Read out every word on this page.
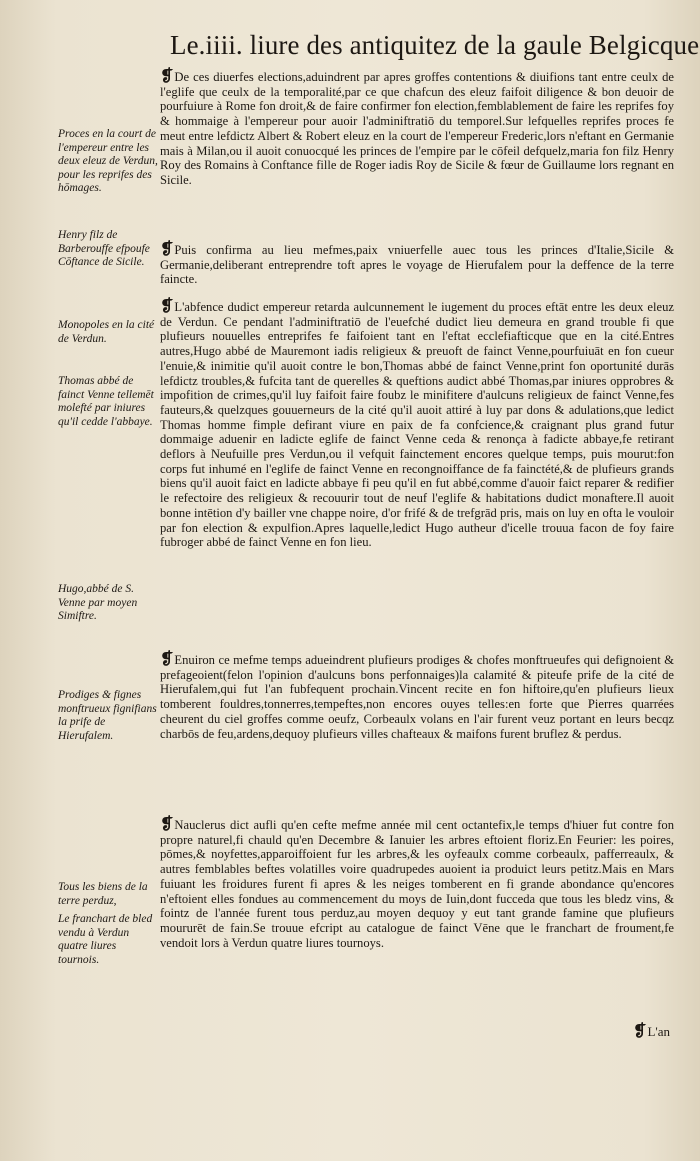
Le.iiii. liure des antiquitez de la gaule Belgicque

❡De ces diuerfes elections,aduindrent par apres groffes contentions & diuifions tant entre ceulx de l'eglife que ceulx de la temporalité,par ce que chafcun des eleuz faifoit diligence & bon deuoir de pourfuiure à Rome fon droit,& de faire confirmer fon election,femblablement de faire les reprifes foy & hommaige à l'empereur pour auoir l'adminiftratiō du temporel.Sur lefquelles reprifes proces fe meut entre lefdictz Albert & Robert eleuz en la court de l'empereur Frederic,lors n'eftant en Germanie mais à Milan,ou il auoit conuocqué les princes de l'empire par le cōfeil defquelz,maria fon filz Henry Roy des Romains à Conftance fille de Roger iadis Roy de Sicile & fœur de Guillaume lors regnant en Sicile.

❡Puis confirma au lieu mefmes,paix vniuerfelle auec tous les princes d'Italie,Sicile & Germanie,deliberant entreprendre toft apres le voyage de Hierufalem pour la deffence de la terre faincte.

❡L'abfence dudict empereur retarda aulcunnement le iugement du proces eftāt entre les deux eleuz de Verdun. Ce pendant l'adminiftratiō de l'euefché dudict lieu demeura en grand trouble fi que plufieurs nouuelles entreprifes fe faifoient tant en l'eftat ecclefiafticque que en la cité.Entres autres,Hugo abbé de Mauremont iadis religieux & preuoft de fainct Venne,pourfuiuāt en fon cueur l'enuie,& inimitie qu'il auoit contre le bon,Thomas abbé de fainct Venne,print fon oportunité durās lefdictz troubles,& fufcita tant de querelles & queftions audict abbé Thomas,par iniures opprobres & impofition de crimes,qu'il luy faifoit faire foubz le minifitere d'aulcuns religieux de fainct Venne,fes fauteurs,& quelzques gouuerneurs de la cité qu'il auoit attiré à luy par dons & adulations,que ledict Thomas homme fimple defirant viure en paix de fa confcience,& craignant plus grand futur dommaige aduenir en ladicte eglife de fainct Venne ceda & renonça à fadicte abbaye,fe retirant deflors à Neufuille pres Verdun,ou il vefquit fainctement encores quelque temps, puis mourut:fon corps fut inhumé en l'eglife de fainct Venne en recongnoiffance de fa fainctété,& de plufieurs grands biens qu'il auoit faict en ladicte abbaye fi peu qu'il en fut abbé,comme d'auoir faict reparer & redifier le refectoire des religieux & recouurir tout de neuf l'eglife & habitations dudict monaftere.Il auoit bonne intētion d'y bailler vne chappe noire, d'or frifé & de trefgrād pris, mais on luy en ofta le vouloir par fon election & expulfion.Apres laquelle,ledict Hugo autheur d'icelle trouua facon de foy faire fubroger abbé de fainct Venne en fon lieu.

❡Enuiron ce mefme temps adueindrent plufieurs prodiges & chofes monftrueufes qui defignoient & prefageoient(felon l'opinion d'aulcuns bons perfonnaiges)la calamité & piteufe prife de la cité de Hierufalem,qui fut l'an fubfequent prochain.Vincent recite en fon hiftoire,qu'en plufieurs lieux tomberent fouldres,tonnerres,tempeftes,non encores ouyes telles:en forte que Pierres quarrées cheurent du ciel groffes comme oeufz, Corbeaulx volans en l'air furent veuz portant en leurs becqz charbōs de feu,ardens,dequoy plufieurs villes chafteaux & maifons furent bruflez & perdus.

❡Nauclerus dict aufli qu'en cefte mefme année mil cent octantefix,le temps d'hiuer fut contre fon propre naturel,fi chauld qu'en Decembre & Ianuier les arbres eftoient floriz.En Feurier: les poires, pōmes,& noyfettes,apparoiffoient fur les arbres,& les oyfeaulx comme corbeaulx, pafferreaulx, & autres femblables beftes volatilles voire quadrupedes auoient ia produict leurs petitz.Mais en Mars fuiuant les froidures furent fi apres & les neiges tomberent en fi grande abondance qu'encores n'eftoient elles fondues au commencement du moys de Iuin,dont fucceda que tous les bledz vins, & fointz de l'année furent tous perduz,au moyen dequoy y eut tant grande famine que plufieurs moururēt de fain.Se trouue efcript au catalogue de fainct Vēne que le franchart de froument,fe vendoit lors à Verdun quatre liures tournoys.

Proces en la court de l'empereur entre les deux eleuz de Verdun, pour les reprifes des hōmages.
Henry filz de Barberouffe efpoufe Cōftance de Sicile.
Monopoles en la cité de Verdun.
Thomas abbé de fainct Venne tellemēt molefté par iniures qu'il cedde l'abbaye.
Hugo,abbé de S. Venne par moyen Simiftre.
Prodiges & fignes monftrueux fignifians la prife de Hierufalem.
Tous les biens de la terre perduz,
Le franchart de bled vendu à Verdun quatre liures tournois.
❡L'an
